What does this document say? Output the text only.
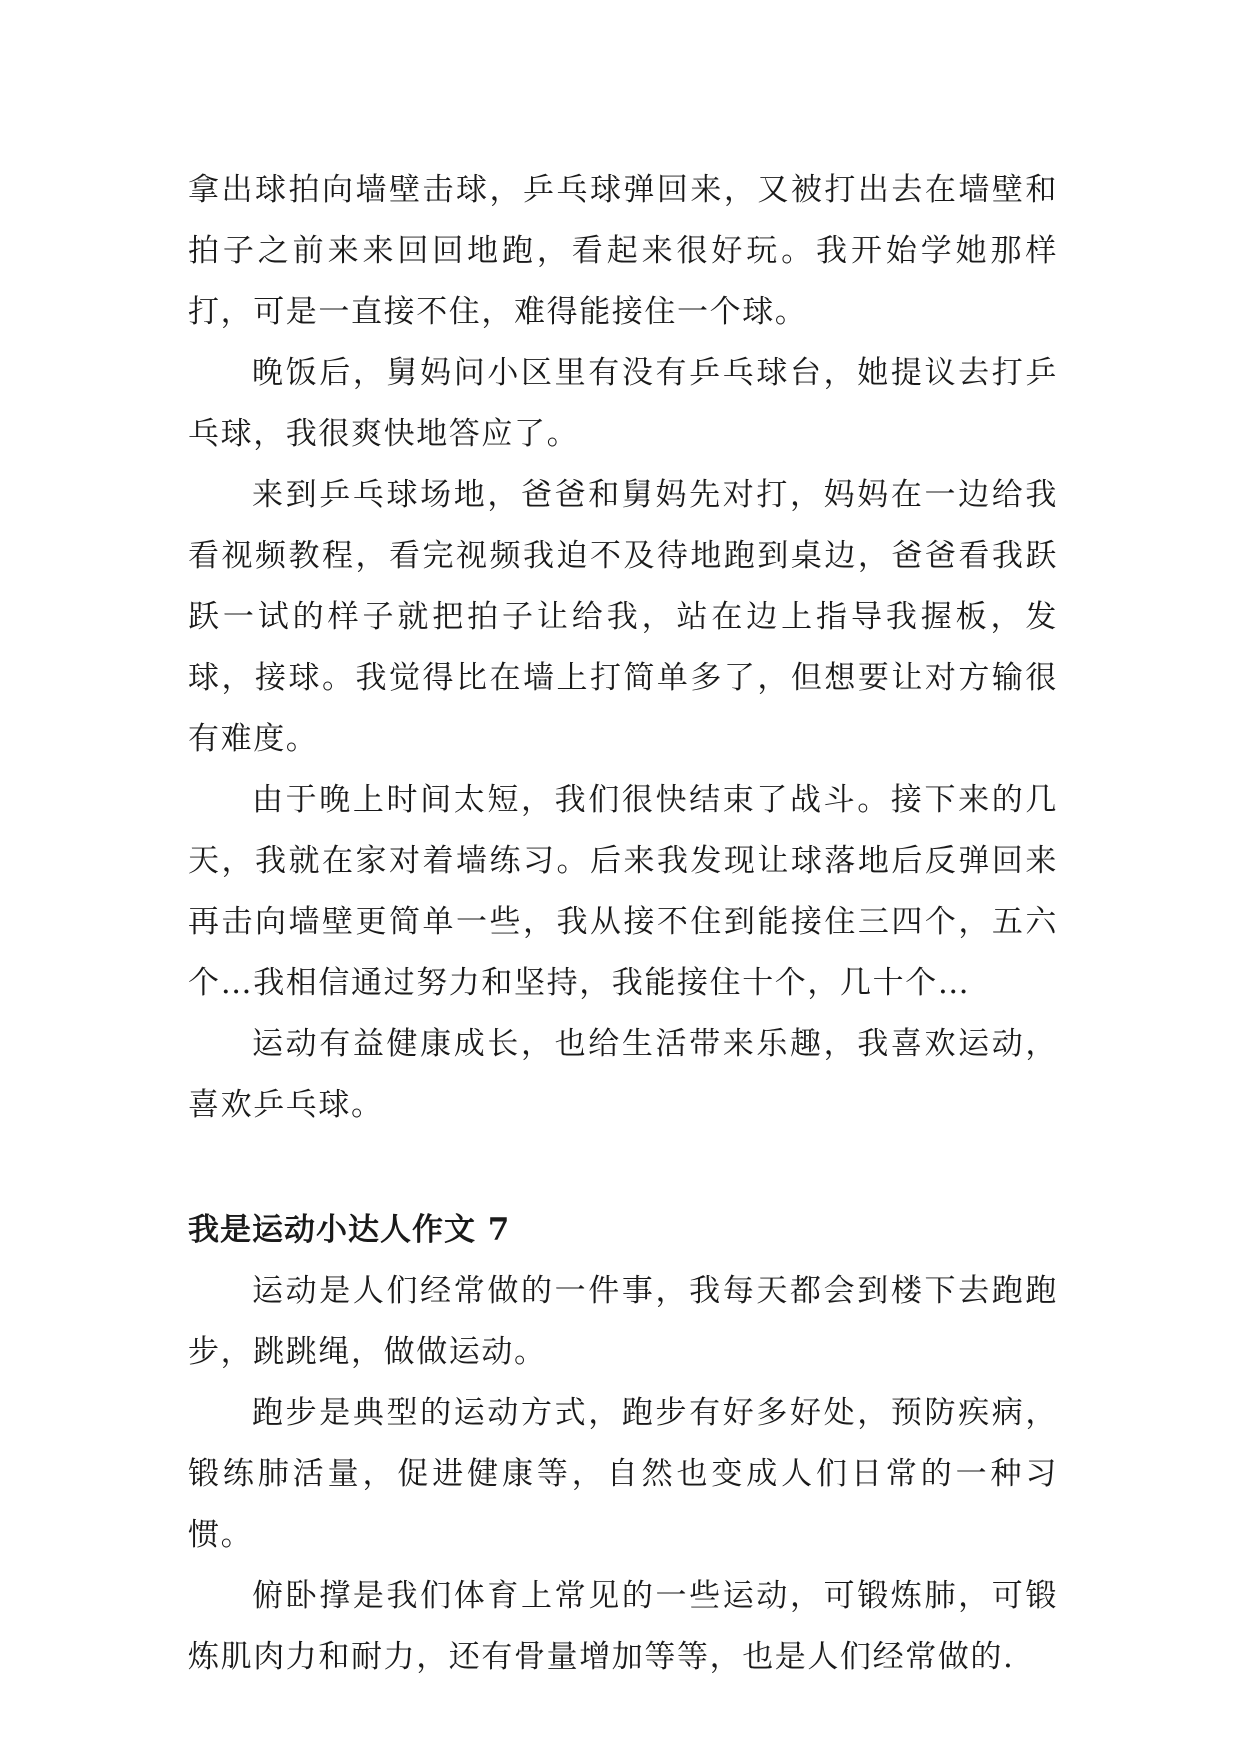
拿出球拍向墙壁击球，乒乓球弹回来，又被打出去在墙壁和拍子之前来来回回地跑，看起来很好玩。我开始学她那样打，可是一直接不住，难得能接住一个球。

晚饭后，舅妈问小区里有没有乒乓球台，她提议去打乒乓球，我很爽快地答应了。

来到乒乓球场地，爸爸和舅妈先对打，妈妈在一边给我看视频教程，看完视频我迫不及待地跑到桌边，爸爸看我跃跃一试的样子就把拍子让给我，站在边上指导我握板，发球，接球。我觉得比在墙上打简单多了，但想要让对方输很有难度。

由于晚上时间太短，我们很快结束了战斗。接下来的几天，我就在家对着墙练习。后来我发现让球落地后反弹回来再击向墙壁更简单一些，我从接不住到能接住三四个，五六个…我相信通过努力和坚持，我能接住十个，几十个…

运动有益健康成长，也给生活带来乐趣，我喜欢运动，喜欢乒乓球。

我是运动小达人作文 7

运动是人们经常做的一件事，我每天都会到楼下去跑跑步，跳跳绳，做做运动。

跑步是典型的运动方式，跑步有好多好处，预防疾病，锻练肺活量，促进健康等，自然也变成人们日常的一种习惯。

俯卧撑是我们体育上常见的一些运动，可锻炼肺，可锻炼肌肉力和耐力，还有骨量增加等等，也是人们经常做的.
